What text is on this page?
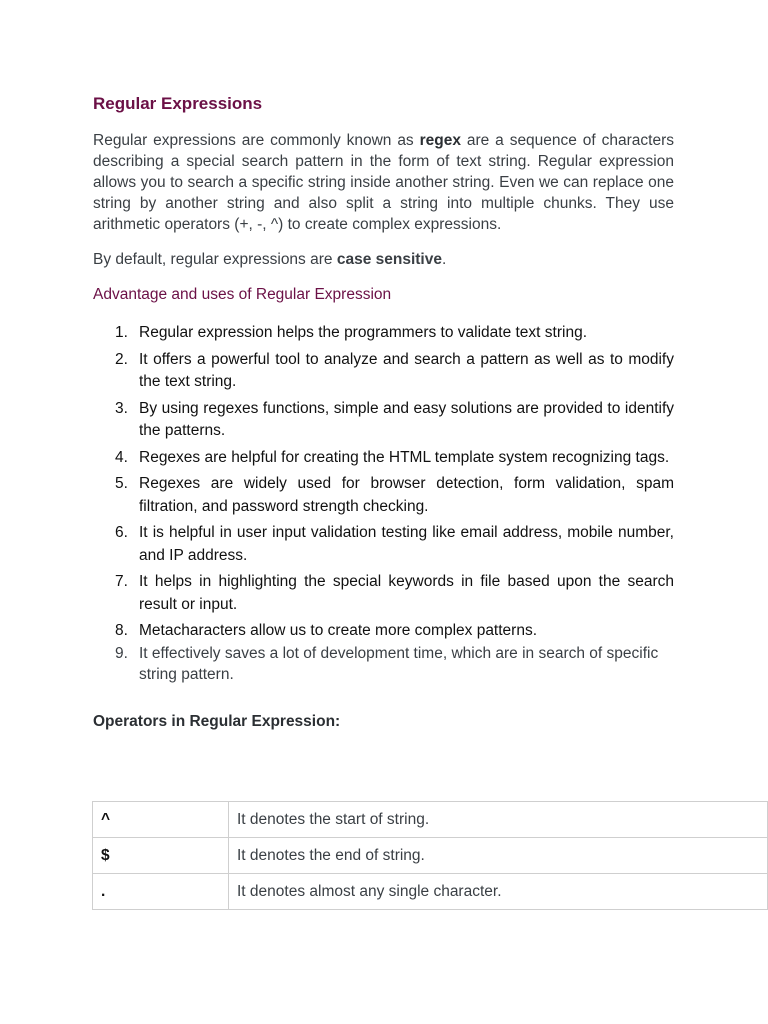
Regular Expressions

Regular expressions are commonly known as regex are a sequence of characters describing a special search pattern in the form of text string. Regular expression allows you to search a specific string inside another string. Even we can replace one string by another string and also split a string into multiple chunks. They use arithmetic operators (+, -, ^) to create complex expressions.

By default, regular expressions are case sensitive.

Advantage and uses of Regular Expression

1. Regular expression helps the programmers to validate text string.
2. It offers a powerful tool to analyze and search a pattern as well as to modify the text string.
3. By using regexes functions, simple and easy solutions are provided to identify the patterns.
4. Regexes are helpful for creating the HTML template system recognizing tags.
5. Regexes are widely used for browser detection, form validation, spam filtration, and password strength checking.
6. It is helpful in user input validation testing like email address, mobile number, and IP address.
7. It helps in highlighting the special keywords in file based upon the search result or input.
8. Metacharacters allow us to create more complex patterns.
9. It effectively saves a lot of development time, which are in search of specific string pattern.

Operators in Regular Expression:

^	It denotes the start of string.
$	It denotes the end of string.
.	It denotes almost any single character.
